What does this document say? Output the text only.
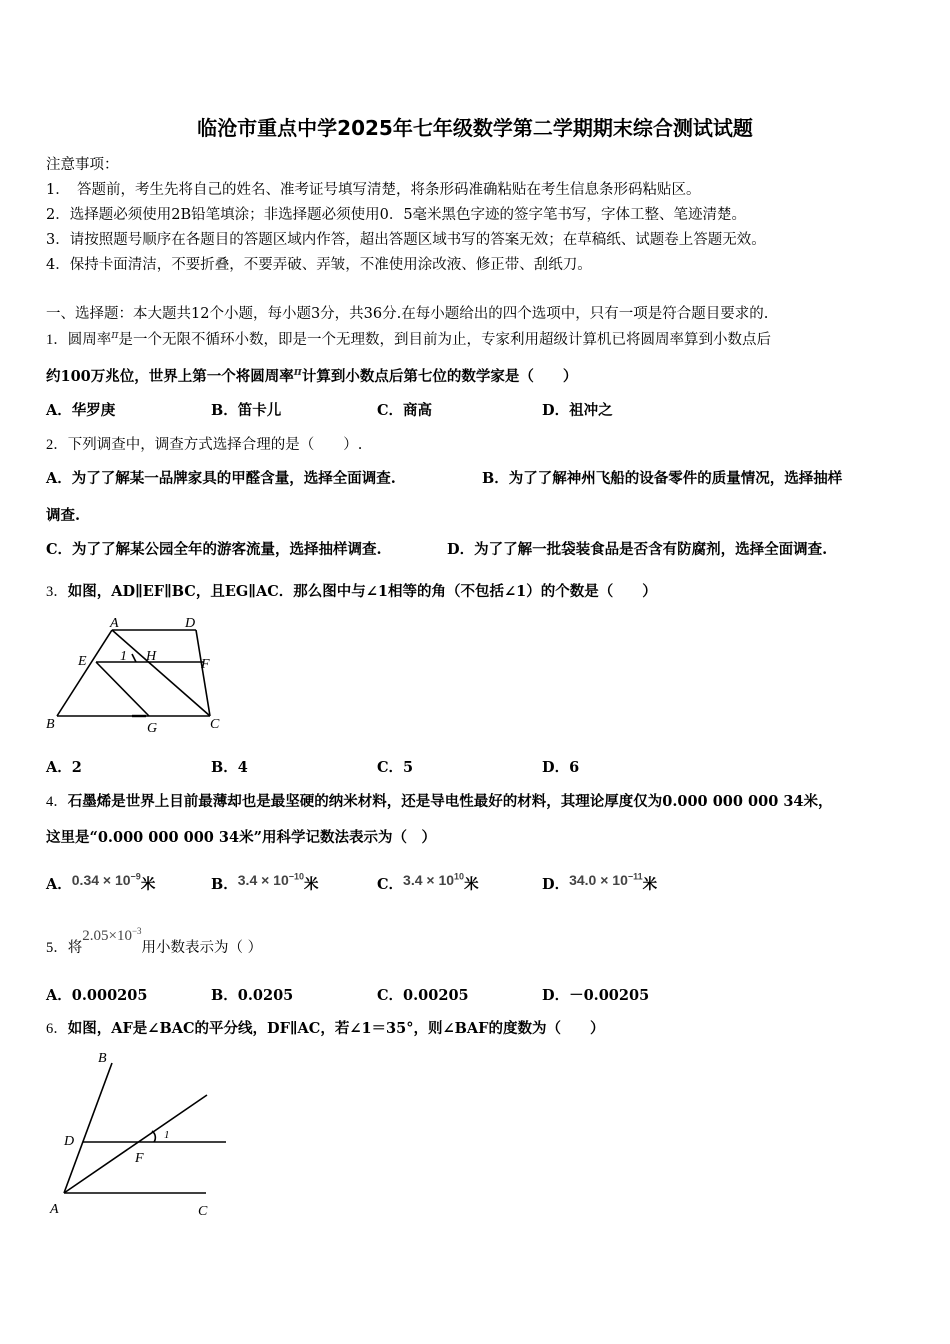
临沧市重点中学2025年七年级数学第二学期期末综合测试试题
注意事项：
1．　答题前，考生先将自己的姓名、准考证号填写清楚，将条形码准确粘贴在考生信息条形码粘贴区。
2．选择题必须使用2B铅笔填涂；非选择题必须使用0．5毫米黑色字迹的签字笔书写，字体工整、笔迹清楚。
3．请按照题号顺序在各题目的答题区域内作答，超出答题区域书写的答案无效；在草稿纸、试题卷上答题无效。
4．保持卡面清洁，不要折叠，不要弄破、弄皱，不准使用涂改液、修正带、刮纸刀。
一、选择题：本大题共12个小题，每小题3分，共36分.在每小题给出的四个选项中，只有一项是符合题目要求的.
1．圆周率$^\pi$是一个无限不循环小数，即是一个无理数，到目前为止，专家利用超级计算机已将圆周率算到小数点后
约100万兆位，世界上第一个将圆周率$^\pi$计算到小数点后第七位的数学家是（　　）
A．华罗庚	B．笛卡儿	C．商高	D．祖冲之
2．下列调查中，调查方式选择合理的是（　　）.
A．为了了解某一品牌家具的甲醛含量，选择全面调查.	B．为了了解神州飞船的设备零件的质量情况，选择抽样
调查.
C．为了了解某公园全年的游客流量，选择抽样调查.	D．为了了解一批袋装食品是否含有防腐剂，选择全面调查.
3．如图，AD∥EF∥BC，且EG∥AC．那么图中与∠1相等的角（不包括∠1）的个数是（　　）
A	D
E 1 H
F
B	G	C
A．2	B．4	C．5	D．6
4．石墨烯是世界上目前最薄却也是最坚硬的纳米材料，还是导电性最好的材料，其理论厚度仅为0.000 000 000 34米，
这里是“0.000 000 000 34米”用科学记数法表示为（　）
A．$0.34 \times 10^{-9}$米	B．$3.4 \times 10^{-10}$米	C．$3.4 \times 10^{10}$米	D．$34.0 \times 10^{-11}$米
5．将$2.05\times 10^{-3}$用小数表示为（ ）
A．0.000205	B．0.0205	C．0.00205	D．－0.00205
6．如图，AF是∠BAC的平分线，DF∥AC，若∠1＝35°，则∠BAF的度数为（　　）
B
D	1
F
A	C
